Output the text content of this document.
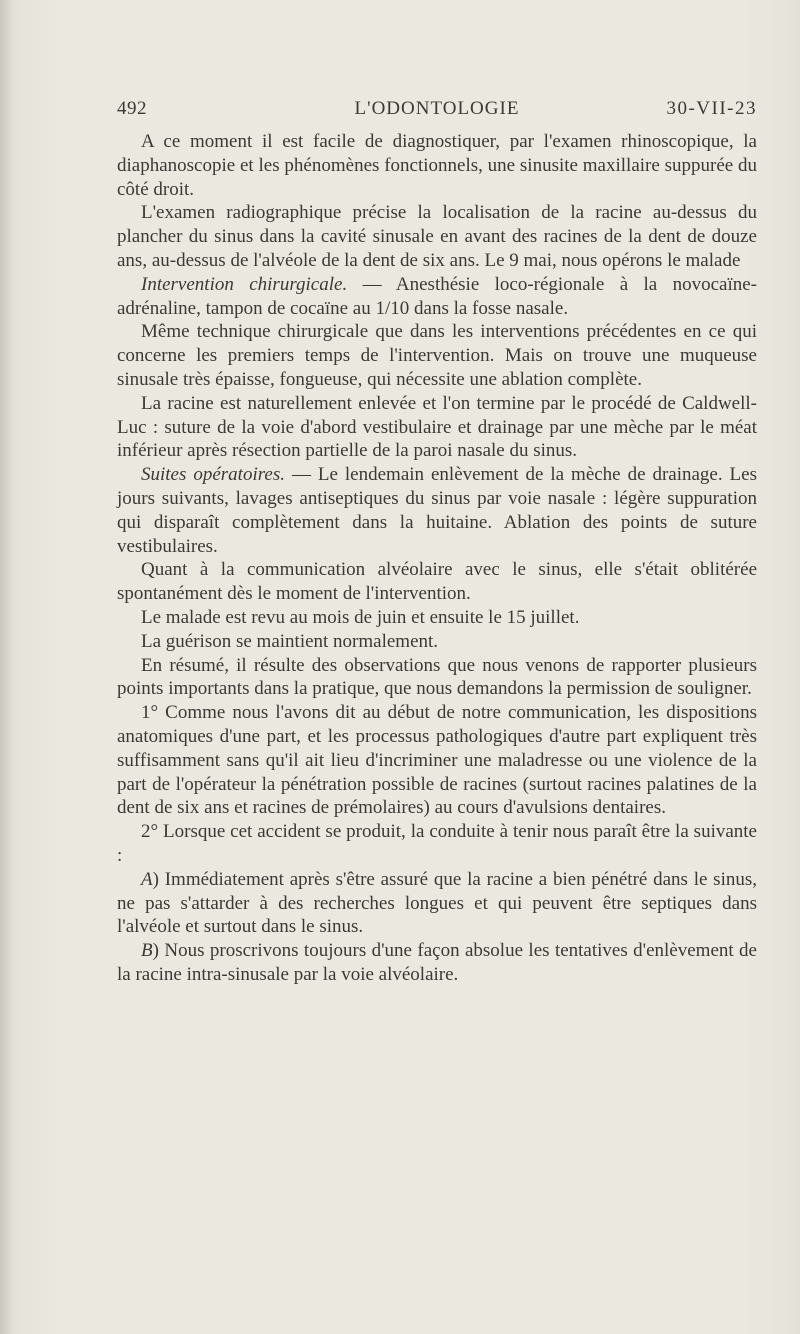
492	L'ODONTOLOGIE	30-VII-23

A ce moment il est facile de diagnostiquer, par l'examen rhinoscopique, la diaphanoscopie et les phénomènes fonctionnels, une sinusite maxillaire suppurée du côté droit.

L'examen radiographique précise la localisation de la racine au-dessus du plancher du sinus dans la cavité sinusale en avant des racines de la dent de douze ans, au-dessus de l'alvéole de la dent de six ans. Le 9 mai, nous opérons le malade

Intervention chirurgicale. — Anesthésie loco-régionale à la novocaïne-adrénaline, tampon de cocaïne au 1/10 dans la fosse nasale.

Même technique chirurgicale que dans les interventions précédentes en ce qui concerne les premiers temps de l'intervention. Mais on trouve une muqueuse sinusale très épaisse, fongueuse, qui nécessite une ablation complète.

La racine est naturellement enlevée et l'on termine par le procédé de Caldwell-Luc : suture de la voie d'abord vestibulaire et drainage par une mèche par le méat inférieur après résection partielle de la paroi nasale du sinus.

Suites opératoires. — Le lendemain enlèvement de la mèche de drainage. Les jours suivants, lavages antiseptiques du sinus par voie nasale : légère suppuration qui disparaît complètement dans la huitaine. Ablation des points de suture vestibulaires.

Quant à la communication alvéolaire avec le sinus, elle s'était oblitérée spontanément dès le moment de l'intervention.

Le malade est revu au mois de juin et ensuite le 15 juillet.

La guérison se maintient normalement.

En résumé, il résulte des observations que nous venons de rapporter plusieurs points importants dans la pratique, que nous demandons la permission de souligner.

1° Comme nous l'avons dit au début de notre communication, les dispositions anatomiques d'une part, et les processus pathologiques d'autre part expliquent très suffisamment sans qu'il ait lieu d'incriminer une maladresse ou une violence de la part de l'opérateur la pénétration possible de racines (surtout racines palatines de la dent de six ans et racines de prémolaires) au cours d'avulsions dentaires.

2° Lorsque cet accident se produit, la conduite à tenir nous paraît être la suivante :

A) Immédiatement après s'être assuré que la racine a bien pénétré dans le sinus, ne pas s'attarder à des recherches longues et qui peuvent être septiques dans l'alvéole et surtout dans le sinus.

B) Nous proscrivons toujours d'une façon absolue les tentatives d'enlèvement de la racine intra-sinusale par la voie alvéolaire.
